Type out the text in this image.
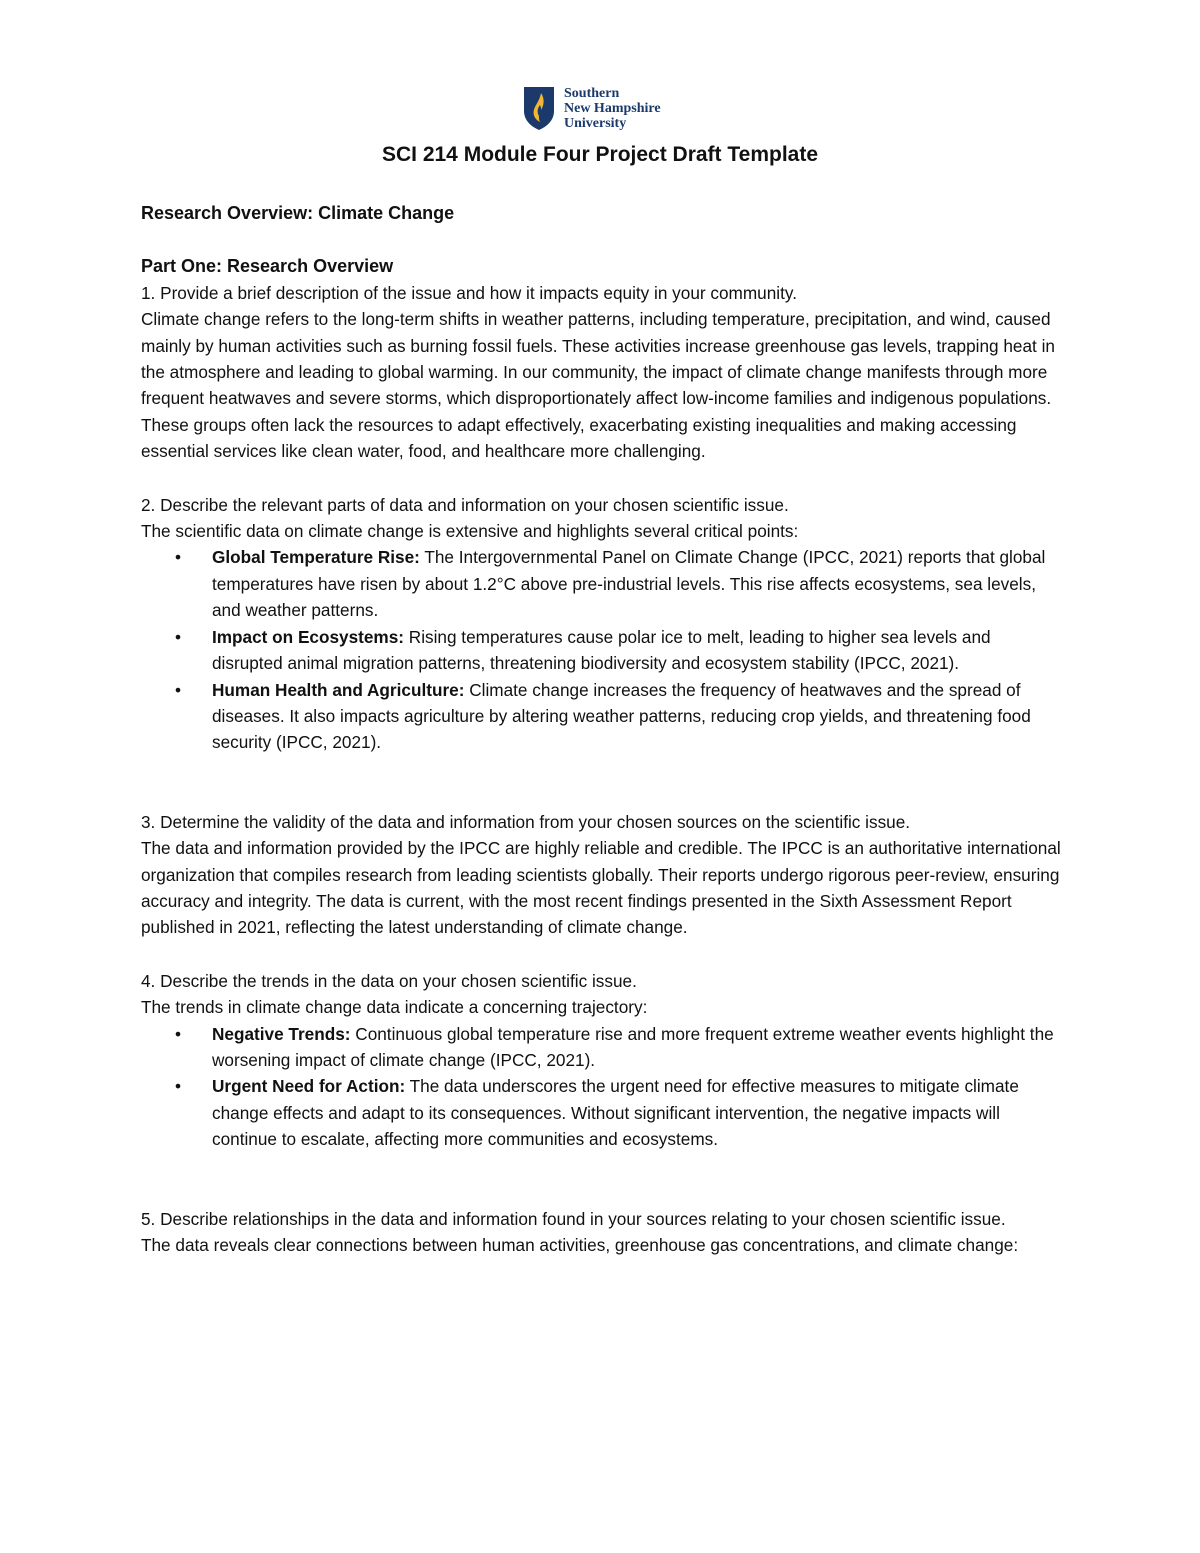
Southern
New Hampshire
University
SCI 214 Module Four Project Draft Template

Research Overview: Climate Change

Part One: Research Overview

1. Provide a brief description of the issue and how it impacts equity in your community.

Climate change refers to the long-term shifts in weather patterns, including temperature, precipitation, and wind, caused mainly by human activities such as burning fossil fuels. These activities increase greenhouse gas levels, trapping heat in the atmosphere and leading to global warming. In our community, the impact of climate change manifests through more frequent heatwaves and severe storms, which disproportionately affect low-income families and indigenous populations. These groups often lack the resources to adapt effectively, exacerbating existing inequalities and making accessing essential services like clean water, food, and healthcare more challenging.

2. Describe the relevant parts of data and information on your chosen scientific issue.

The scientific data on climate change is extensive and highlights several critical points:

• Global Temperature Rise: The Intergovernmental Panel on Climate Change (IPCC, 2021) reports that global temperatures have risen by about 1.2°C above pre-industrial levels. This rise affects ecosystems, sea levels, and weather patterns.
• Impact on Ecosystems: Rising temperatures cause polar ice to melt, leading to higher sea levels and disrupted animal migration patterns, threatening biodiversity and ecosystem stability (IPCC, 2021).
• Human Health and Agriculture: Climate change increases the frequency of heatwaves and the spread of diseases. It also impacts agriculture by altering weather patterns, reducing crop yields, and threatening food security (IPCC, 2021).

3. Determine the validity of the data and information from your chosen sources on the scientific issue.

The data and information provided by the IPCC are highly reliable and credible. The IPCC is an authoritative international organization that compiles research from leading scientists globally. Their reports undergo rigorous peer-review, ensuring accuracy and integrity. The data is current, with the most recent findings presented in the Sixth Assessment Report published in 2021, reflecting the latest understanding of climate change.

4. Describe the trends in the data on your chosen scientific issue.

The trends in climate change data indicate a concerning trajectory:

• Negative Trends: Continuous global temperature rise and more frequent extreme weather events highlight the worsening impact of climate change (IPCC, 2021).
• Urgent Need for Action: The data underscores the urgent need for effective measures to mitigate climate change effects and adapt to its consequences. Without significant intervention, the negative impacts will continue to escalate, affecting more communities and ecosystems.

5. Describe relationships in the data and information found in your sources relating to your chosen scientific issue.

The data reveals clear connections between human activities, greenhouse gas concentrations, and climate change:
